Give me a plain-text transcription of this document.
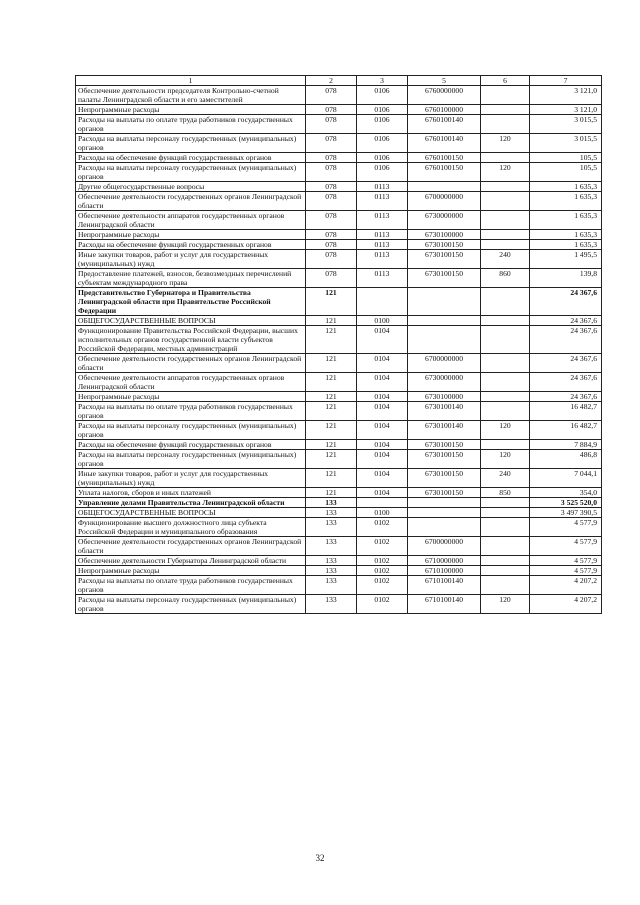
1	2	3	5	6	7
Обеспечение деятельности председателя Контрольно-счетной палаты Ленинградской области и его заместителей	078	0106	6760000000		3 121,0
Непрограммные расходы	078	0106	6760100000		3 121,0
Расходы на выплаты по оплате труда работников государственных органов	078	0106	6760100140		3 015,5
Расходы на выплаты персоналу государственных (муниципальных) органов	078	0106	6760100140	120	3 015,5
Расходы на обеспечение функций государственных органов	078	0106	6760100150		105,5
Расходы на выплаты персоналу государственных (муниципальных) органов	078	0106	6760100150	120	105,5
Другие общегосударственные вопросы	078	0113			1 635,3
Обеспечение деятельности государственных органов Ленинградской области	078	0113	6700000000		1 635,3
Обеспечение деятельности аппаратов государственных органов Ленинградской области	078	0113	6730000000		1 635,3
Непрограммные расходы	078	0113	6730100000		1 635,3
Расходы на обеспечение функций государственных органов	078	0113	6730100150		1 635,3
Иные закупки товаров, работ и услуг для государственных (муниципальных) нужд	078	0113	6730100150	240	1 495,5
Предоставление платежей, взносов, безвозмездных перечислений субъектам международного права	078	0113	6730100150	860	139,8
Представительство Губернатора и Правительства Ленинградской области при Правительстве Российской Федерации	121				24 367,6
ОБЩЕГОСУДАРСТВЕННЫЕ ВОПРОСЫ	121	0100			24 367,6
Функционирование Правительства Российской Федерации, высших исполнительных органов государственной власти субъектов Российской Федерации, местных администраций	121	0104			24 367,6
Обеспечение деятельности государственных органов Ленинградской области	121	0104	6700000000		24 367,6
Обеспечение деятельности аппаратов государственных органов Ленинградской области	121	0104	6730000000		24 367,6
Непрограммные расходы	121	0104	6730100000		24 367,6
Расходы на выплаты по оплате труда работников государственных органов	121	0104	6730100140		16 482,7
Расходы на выплаты персоналу государственных (муниципальных) органов	121	0104	6730100140	120	16 482,7
Расходы на обеспечение функций государственных органов	121	0104	6730100150		7 884,9
Расходы на выплаты персоналу государственных (муниципальных) органов	121	0104	6730100150	120	486,8
Иные закупки товаров, работ и услуг для государственных (муниципальных) нужд	121	0104	6730100150	240	7 044,1
Уплата налогов, сборов и иных платежей	121	0104	6730100150	850	354,0
Управление делами Правительства Ленинградской области	133				3 525 520,0
ОБЩЕГОСУДАРСТВЕННЫЕ ВОПРОСЫ	133	0100			3 497 390,5
Функционирование высшего должностного лица субъекта Российской Федерации и муниципального образования	133	0102			4 577,9
Обеспечение деятельности государственных органов Ленинградской области	133	0102	6700000000		4 577,9
Обеспечение деятельности Губернатора Ленинградской области	133	0102	6710000000		4 577,9
Непрограммные расходы	133	0102	6710100000		4 577,9
Расходы на выплаты по оплате труда работников государственных органов	133	0102	6710100140		4 207,2
Расходы на выплаты персоналу государственных (муниципальных) органов	133	0102	6710100140	120	4 207,2
32
